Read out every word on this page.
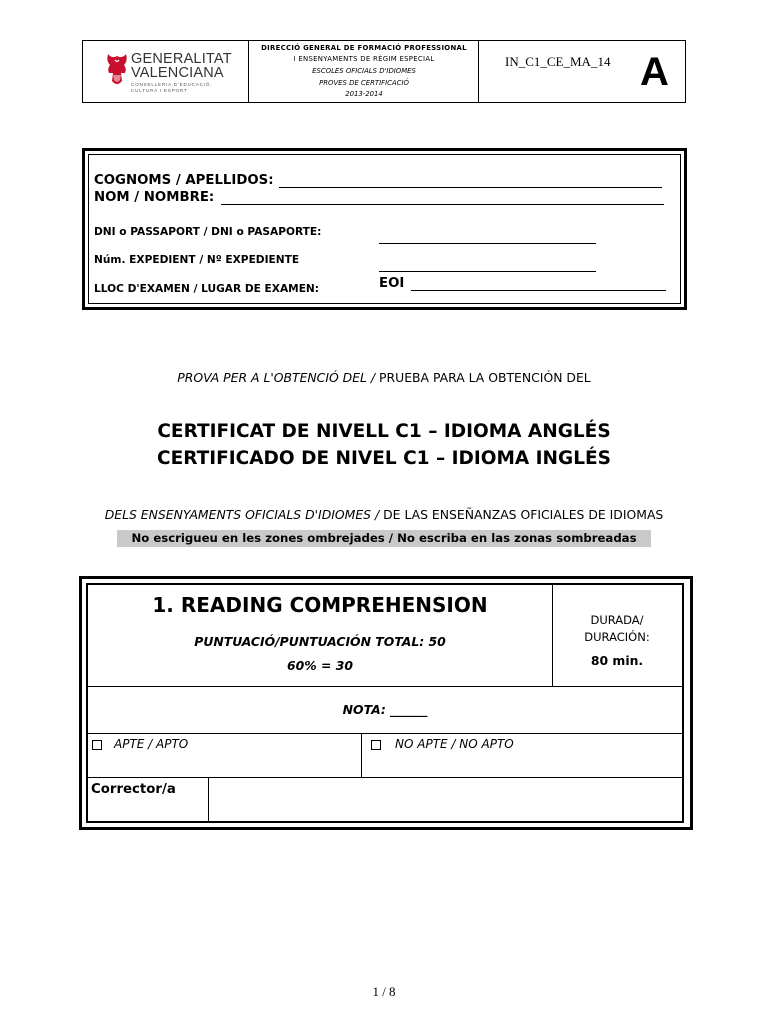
GENERALITAT
VALENCIANA
CONSELLERIA D'EDUCACIÓ,
CULTURA I ESPORT
DIRECCIÓ GENERAL DE FORMACIÓ PROFESSIONAL
I ENSENYAMENTS DE RÈGIM ESPECIAL
ESCOLES OFICIALS D'IDIOMES
PROVES DE CERTIFICACIÓ
2013-2014
IN_C1_CE_MA_14 A
COGNOMS / APELLIDOS:
NOM / NOMBRE:
DNI o PASSAPORT / DNI o PASAPORTE:
Núm. EXPEDIENT / Nº EXPEDIENTE
LLOC D'EXAMEN / LUGAR DE EXAMEN:	EOI
PROVA PER A L'OBTENCIÓ DEL / PRUEBA PARA LA OBTENCIÓN DEL
CERTIFICAT DE NIVELL C1 – IDIOMA ANGLÉS
CERTIFICADO DE NIVEL C1 – IDIOMA INGLÉS
DELS ENSENYAMENTS OFICIALS D'IDIOMES / DE LAS ENSEÑANZAS OFICIALES DE IDIOMAS
No escrigueu en les zones ombrejades / No escriba en las zonas sombreadas
1. READING COMPREHENSION
PUNTUACIÓ/PUNTUACIÓN TOTAL: 50
60% = 30
DURADA/
DURACIÓN:
80 min.
NOTA: ______
APTE / APTO	NO APTE / NO APTO
Corrector/a
1 / 8
